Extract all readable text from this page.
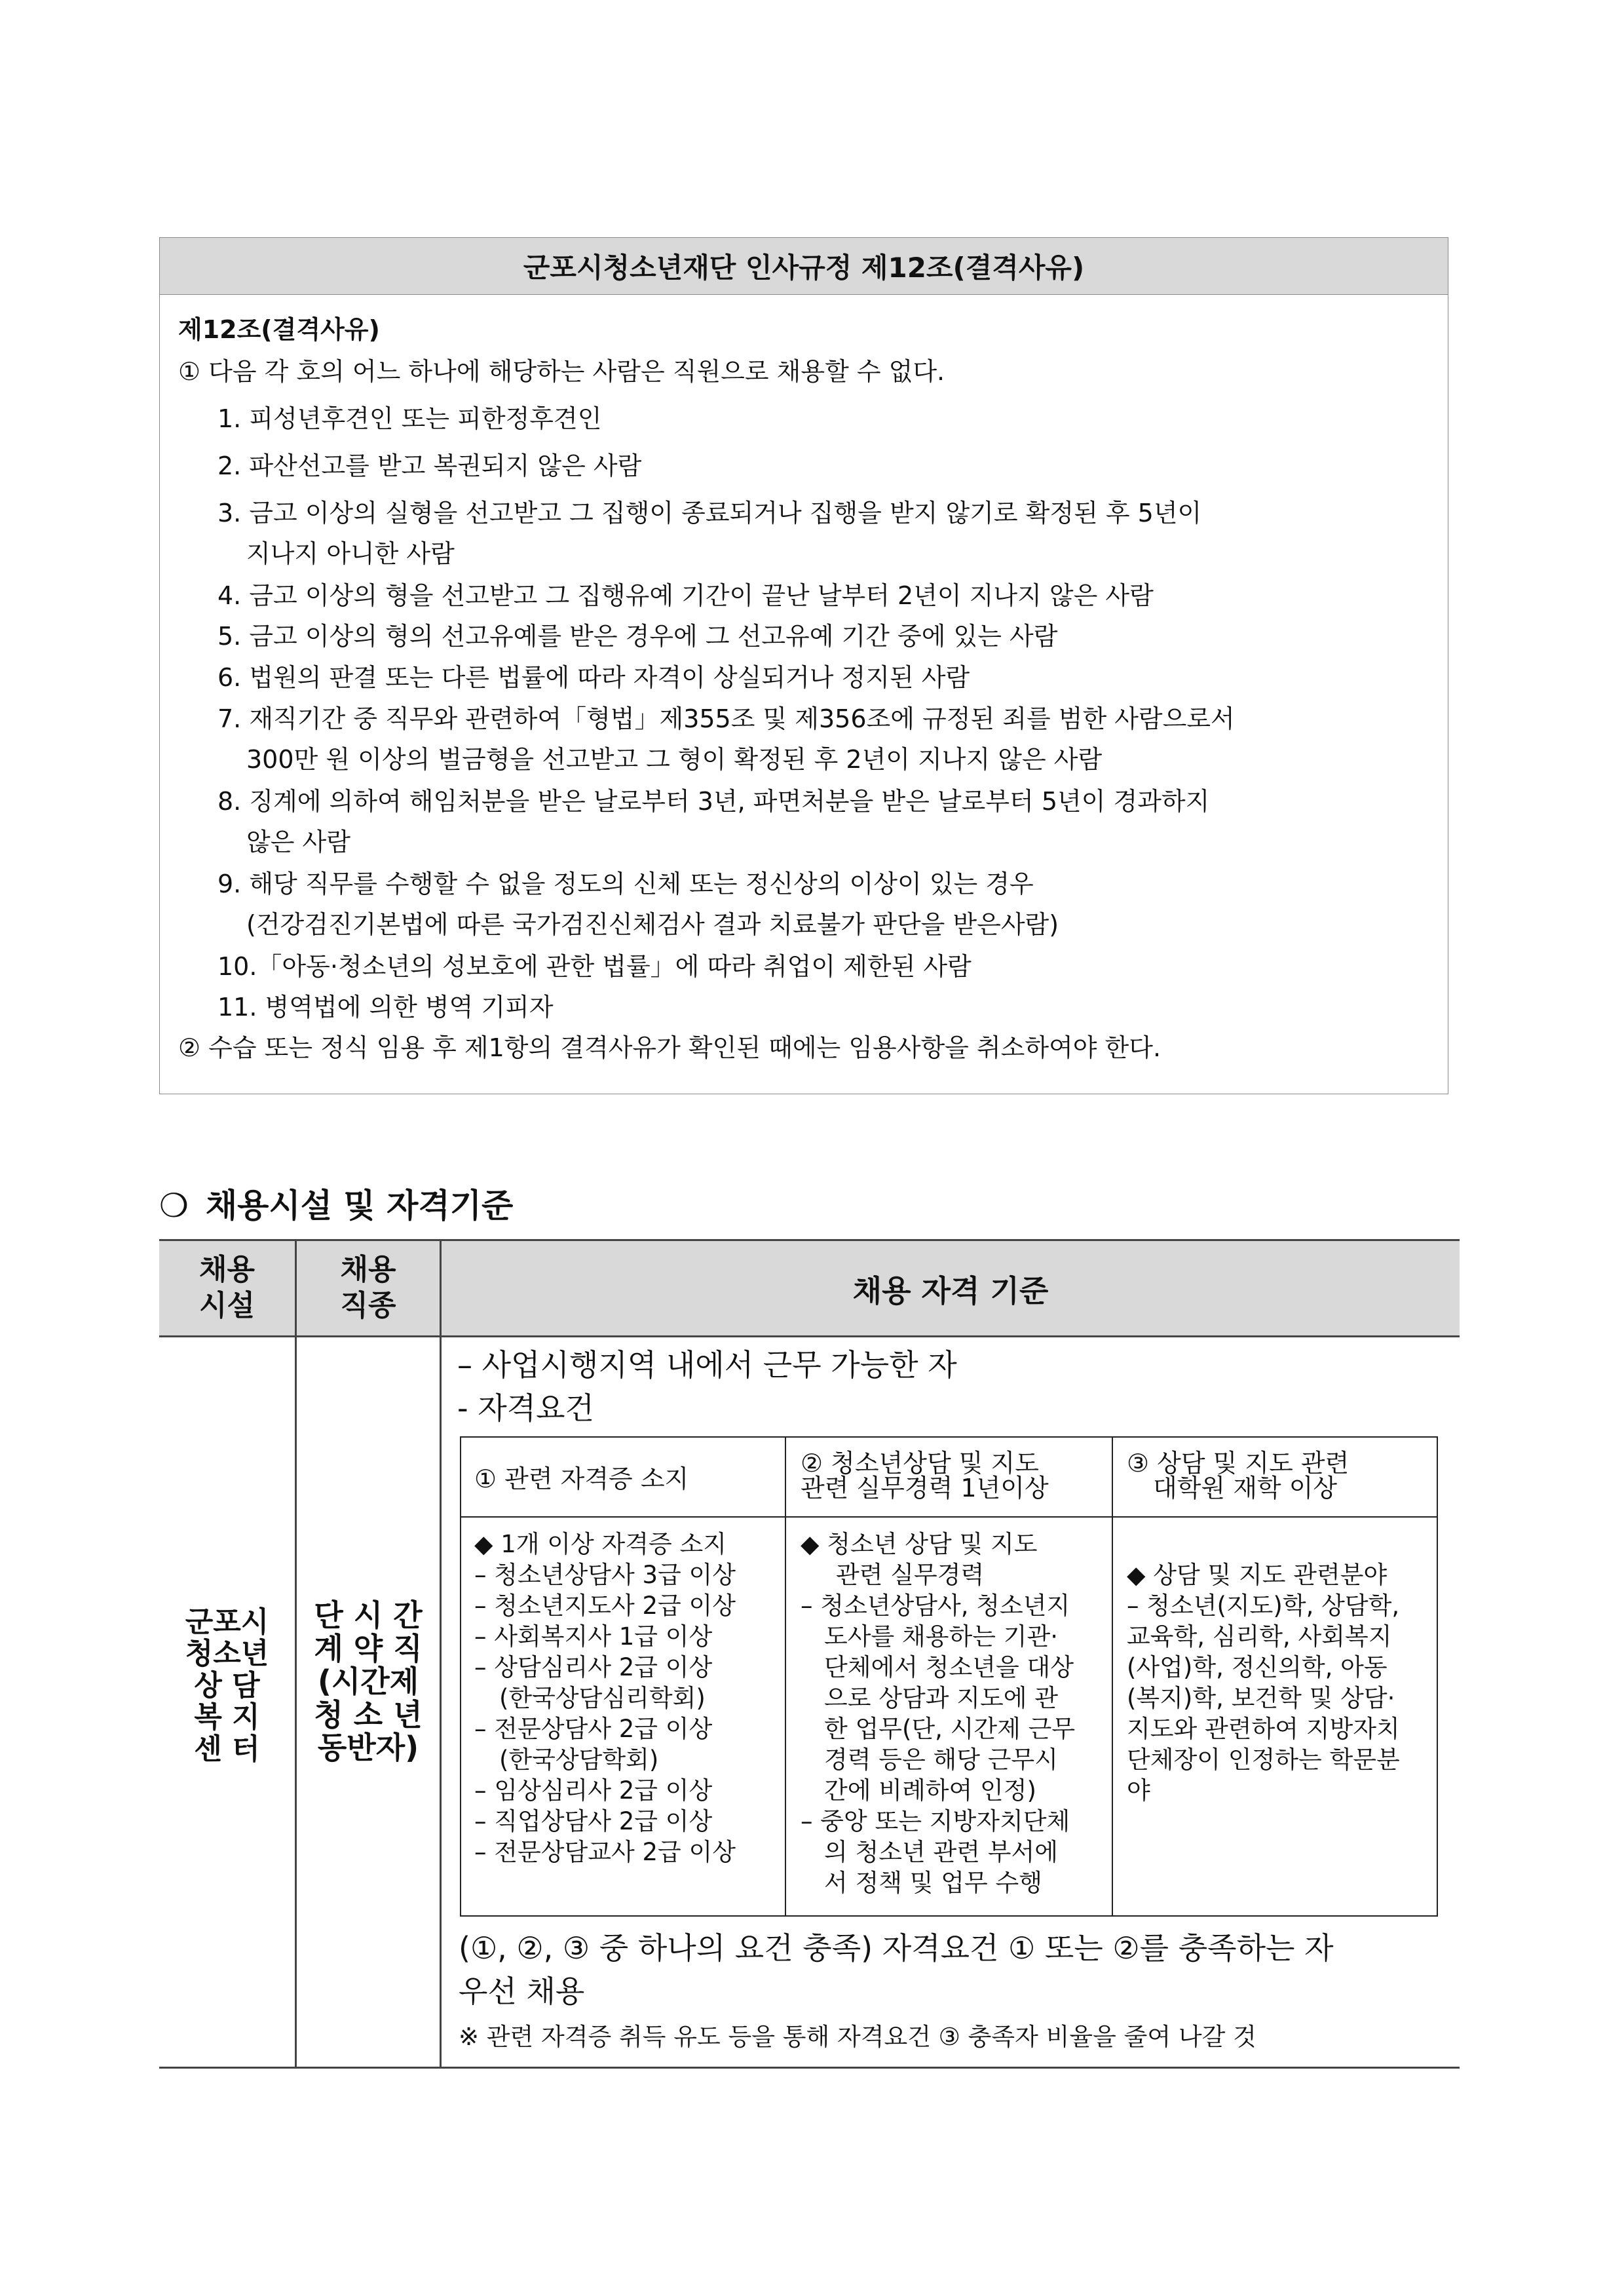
군포시청소년재단 인사규정 제12조(결격사유)
제12조(결격사유)
① 다음 각 호의 어느 하나에 해당하는 사람은 직원으로 채용할 수 없다.
1. 피성년후견인 또는 피한정후견인
2. 파산선고를 받고 복권되지 않은 사람
3. 금고 이상의 실형을 선고받고 그 집행이 종료되거나 집행을 받지 않기로 확정된 후 5년이
지나지 아니한 사람
4. 금고 이상의 형을 선고받고 그 집행유예 기간이 끝난 날부터 2년이 지나지 않은 사람
5. 금고 이상의 형의 선고유예를 받은 경우에 그 선고유예 기간 중에 있는 사람
6. 법원의 판결 또는 다른 법률에 따라 자격이 상실되거나 정지된 사람
7. 재직기간 중 직무와 관련하여「형법」제355조 및 제356조에 규정된 죄를 범한 사람으로서
300만 원 이상의 벌금형을 선고받고 그 형이 확정된 후 2년이 지나지 않은 사람
8. 징계에 의하여 해임처분을 받은 날로부터 3년, 파면처분을 받은 날로부터 5년이 경과하지
않은 사람
9. 해당 직무를 수행할 수 없을 정도의 신체 또는 정신상의 이상이 있는 경우
(건강검진기본법에 따른 국가검진신체검사 결과 치료불가 판단을 받은사람)
10.「아동·청소년의 성보호에 관한 법률」에 따라 취업이 제한된 사람
11. 병역법에 의한 병역 기피자
② 수습 또는 정식 임용 후 제1항의 결격사유가 확인된 때에는 임용사항을 취소하여야 한다.
❍ 채용시설 및 자격기준
채용
시설
채용
직종	채용 자격 기준
군포시
청소년
상 담
복 지
센 터
단 시 간
계 약 직
(시간제
청 소 년
동반자)
– 사업시행지역 내에서 근무 가능한 자
- 자격요건
① 관련 자격증 소지
② 청소년상담 및 지도
관련 실무경력 1년이상
③ 상담 및 지도 관련
대학원 재학 이상
◆ 1개 이상 자격증 소지
– 청소년상담사 3급 이상
– 청소년지도사 2급 이상
– 사회복지사 1급 이상
– 상담심리사 2급 이상
(한국상담심리학회)
– 전문상담사 2급 이상
(한국상담학회)
– 임상심리사 2급 이상
– 직업상담사 2급 이상
– 전문상담교사 2급 이상
◆ 청소년 상담 및 지도
관련 실무경력
– 청소년상담사, 청소년지
도사를 채용하는 기관·
단체에서 청소년을 대상
으로 상담과 지도에 관
한 업무(단, 시간제 근무
경력 등은 해당 근무시
간에 비례하여 인정)
– 중앙 또는 지방자치단체
의 청소년 관련 부서에
서 정책 및 업무 수행
◆ 상담 및 지도 관련분야
– 청소년(지도)학, 상담학,
교육학, 심리학, 사회복지
(사업)학, 정신의학, 아동
(복지)학, 보건학 및 상담·
지도와 관련하여 지방자치
단체장이 인정하는 학문분
야
(①, ②, ③ 중 하나의 요건 충족) 자격요건 ① 또는 ②를 충족하는 자
우선 채용
※ 관련 자격증 취득 유도 등을 통해 자격요건 ③ 충족자 비율을 줄여 나갈 것
